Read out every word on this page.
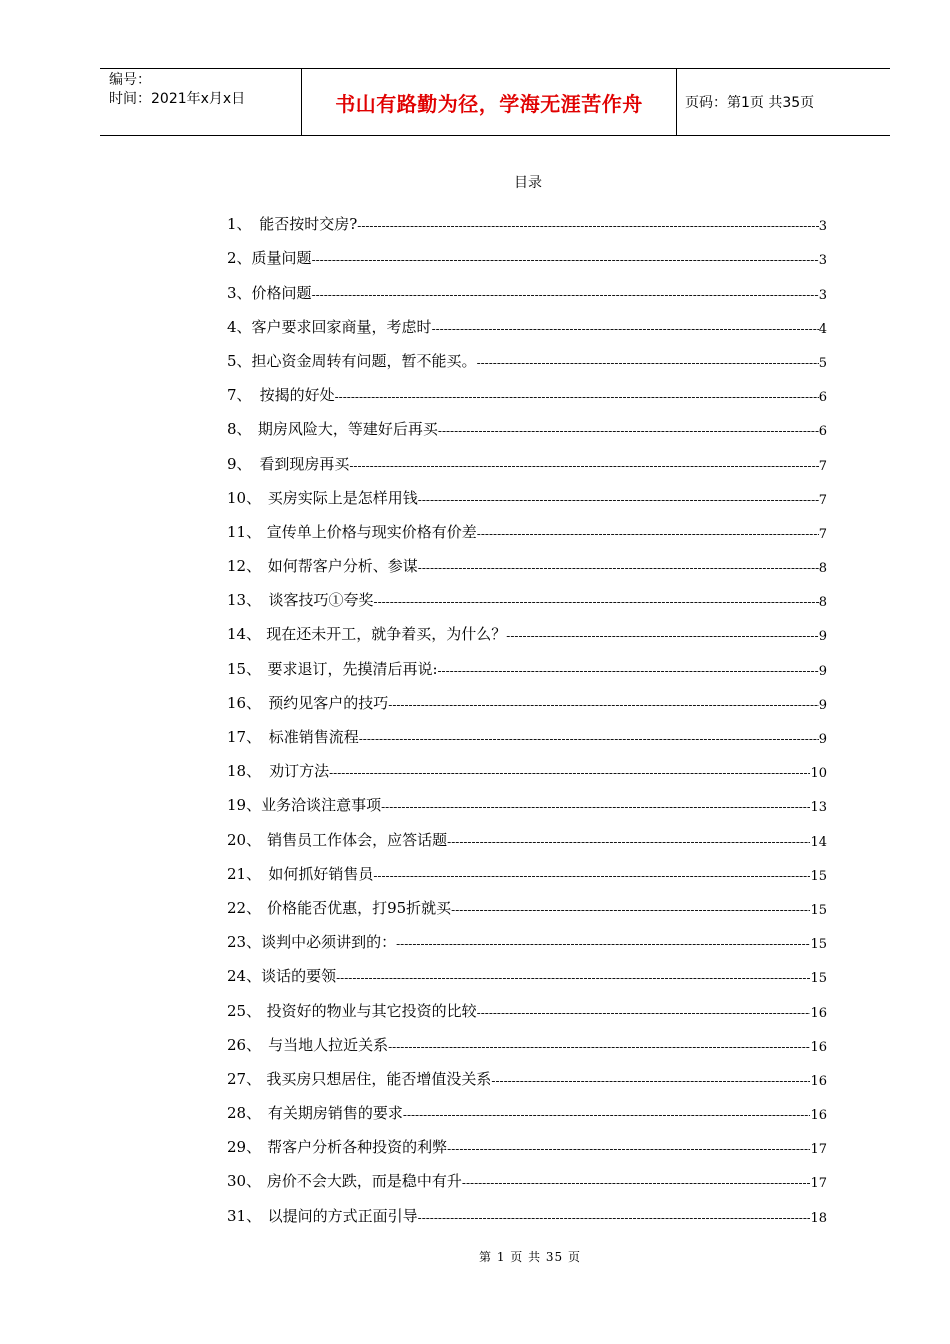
编号：
时间：2021年x月x日	书山有路勤为径，学海无涯苦作舟	页码：第1页 共35页
目录
1、 能否按时交房? -----	3
2、 质量问题 -----	3
3、 价格问题 -----	3
4、 客户要求回家商量，考虑时 -----	4
5、 担心资金周转有问题，暂不能买。 -----	5
7、 按揭的好处 -----	6
8、 期房风险大，等建好后再买 -----	6
9、 看到现房再买 -----	7
10、 买房实际上是怎样用钱 -----	7
11、 宣传单上价格与现实价格有价差 -----	7
12、 如何帮客户分析、参谋 -----	8
13、 谈客技巧①夸奖 -----	8
14、 现在还未开工，就争着买，为什么？ -----	9
15、 要求退订，先摸清后再说: -----	9
16、 预约见客户的技巧 -----	9
17、 标准销售流程 -----	9
18、 劝订方法 -----	10
19、 业务洽谈注意事项 -----	13
20、 销售员工作体会，应答话题 -----	14
21、 如何抓好销售员 -----	15
22、 价格能否优惠，打95折就买 -----	15
23、 谈判中必须讲到的： -----	15
24、 谈话的要领 -----	15
25、 投资好的物业与其它投资的比较 -----	16
26、 与当地人拉近关系 -----	16
27、 我买房只想居住，能否增值没关系 -----	16
28、 有关期房销售的要求 -----	16
29、 帮客户分析各种投资的利弊 -----	17
30、 房价不会大跌，而是稳中有升 -----	17
31、 以提问的方式正面引导 -----	18
第 1 页 共 35 页
